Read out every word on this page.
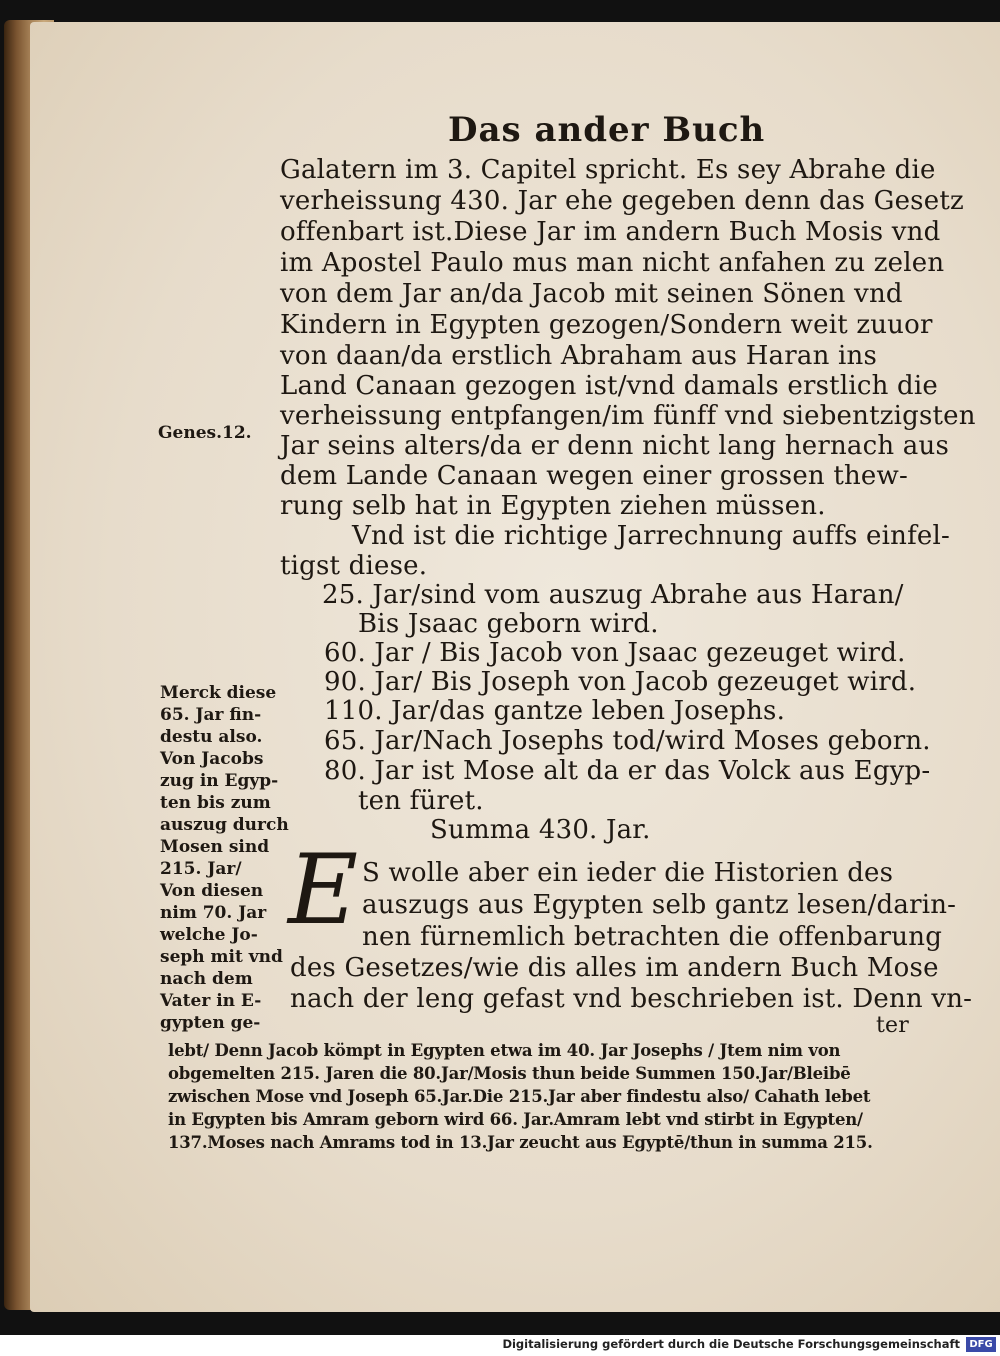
Das ander Buch
Galatern im 3. Capitel spricht. Es sey Abrahe die
verheissung 430. Jar ehe gegeben denn das Gesetz
offenbart ist.Diese Jar im andern Buch Mosis vnd
im Apostel Paulo mus man nicht anfahen zu zelen
von dem Jar an/da Jacob mit seinen Sönen vnd
Kindern in Egypten gezogen/Sondern weit zuuor
von daan/da erstlich Abraham aus Haran ins
Land Canaan gezogen ist/vnd damals erstlich die
verheissung entpfangen/im fünff vnd siebentzigsten
Jar seins alters/da er denn nicht lang hernach aus
dem Lande Canaan wegen einer grossen thew-
rung selb hat in Egypten ziehen müssen.
Vnd ist die richtige Jarrechnung auffs einfel-
tigst diese.
25. Jar/sind vom auszug Abrahe aus Haran/
Bis Jsaac geborn wird.
60. Jar / Bis Jacob von Jsaac gezeuget wird.
90. Jar/ Bis Joseph von Jacob gezeuget wird.
110. Jar/das gantze leben Josephs.
65. Jar/Nach Josephs tod/wird Moses geborn.
80. Jar ist Mose alt da er das Volck aus Egyp-
ten füret.
Summa 430. Jar.
E S wolle aber ein ieder die Historien des
auszugs aus Egypten selb gantz lesen/darin-
nen fürnemlich betrachten die offenbarung
des Gesetzes/wie dis alles im andern Buch Mose
nach der leng gefast vnd beschrieben ist. Denn vn-
ter
Genes.12.
Merck diese
65. Jar fin-
destu also.
Von Jacobs
zug in Egyp-
ten bis zum
auszug durch
Mosen sind
215. Jar/
Von diesen
nim 70. Jar
welche Jo-
seph mit vnd
nach dem
Vater in E-
gypten ge-
lebt/ Denn Jacob kömpt in Egypten etwa im 40. Jar Josephs / Jtem nim von
obgemelten 215. Jaren die 80.Jar/Mosis thun beide Summen 150.Jar/Bleibē
zwischen Mose vnd Joseph 65.Jar.Die 215.Jar aber findestu also/ Cahath lebet
in Egypten bis Amram geborn wird 66. Jar.Amram lebt vnd stirbt in Egypten/
137.Moses nach Amrams tod in 13.Jar zeucht aus Egyptē/thun in summa 215.
Digitalisierung gefördert durch die Deutsche Forschungsgemeinschaft DFG
